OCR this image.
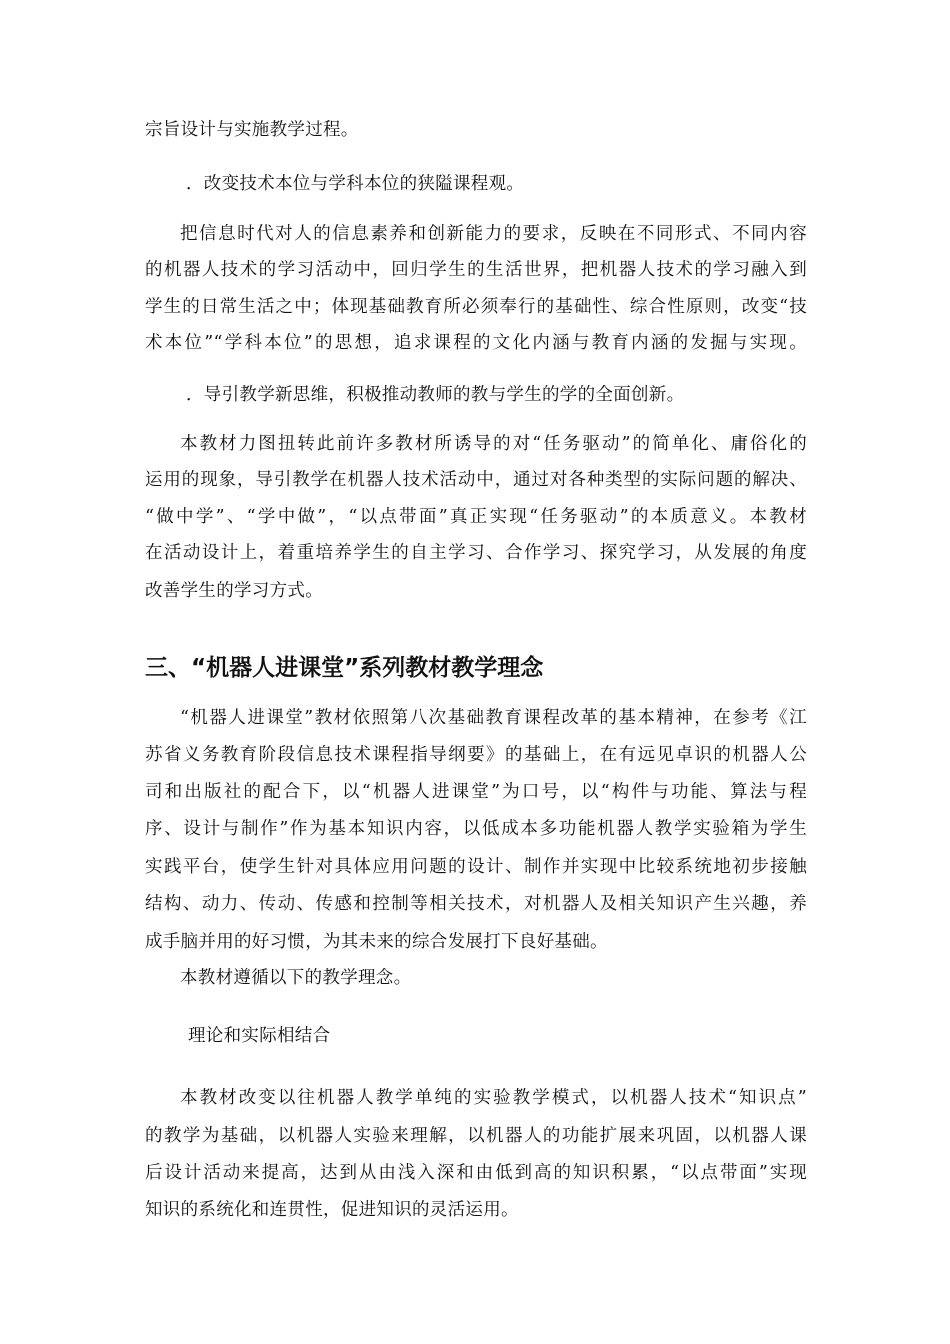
宗旨设计与实施教学过程。
．改变技术本位与学科本位的狭隘课程观。
把信息时代对人的信息素养和创新能力的要求，反映在不同形式、不同内容
的机器人技术的学习活动中，回归学生的生活世界，把机器人技术的学习融入到
学生的日常生活之中；体现基础教育所必须奉行的基础性、综合性原则，改变“技
术本位”“学科本位”的思想，追求课程的文化内涵与教育内涵的发掘与实现。
．导引教学新思维，积极推动教师的教与学生的学的全面创新。
本教材力图扭转此前许多教材所诱导的对“任务驱动”的简单化、庸俗化的
运用的现象，导引教学在机器人技术活动中，通过对各种类型的实际问题的解决、
“做中学”、“学中做”，“以点带面”真正实现“任务驱动”的本质意义。本教材
在活动设计上，着重培养学生的自主学习、合作学习、探究学习，从发展的角度
改善学生的学习方式。
三、“机器人进课堂”系列教材教学理念
“机器人进课堂”教材依照第八次基础教育课程改革的基本精神，在参考《江
苏省义务教育阶段信息技术课程指导纲要》的基础上，在有远见卓识的机器人公
司和出版社的配合下，以“机器人进课堂”为口号，以“构件与功能、算法与程
序、设计与制作”作为基本知识内容，以低成本多功能机器人教学实验箱为学生
实践平台，使学生针对具体应用问题的设计、制作并实现中比较系统地初步接触
结构、动力、传动、传感和控制等相关技术，对机器人及相关知识产生兴趣，养
成手脑并用的好习惯，为其未来的综合发展打下良好基础。
本教材遵循以下的教学理念。
理论和实际相结合
本教材改变以往机器人教学单纯的实验教学模式，以机器人技术“知识点”
的教学为基础，以机器人实验来理解，以机器人的功能扩展来巩固，以机器人课
后设计活动来提高，达到从由浅入深和由低到高的知识积累，“以点带面”实现
知识的系统化和连贯性，促进知识的灵活运用。
